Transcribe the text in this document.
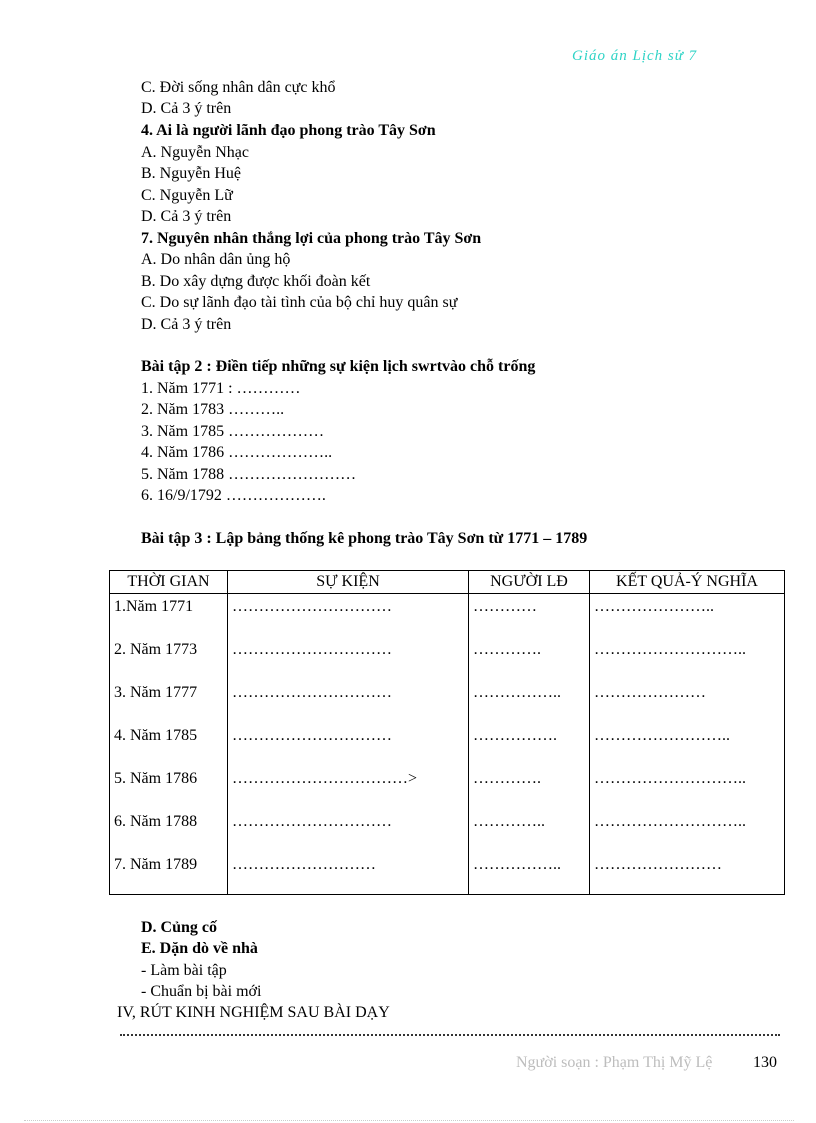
Giáo án Lịch sử 7
C. Đời sống nhân dân cực khổ
D. Cả 3 ý trên
4. Ai là người lãnh đạo phong trào Tây Sơn
A. Nguyễn Nhạc
B. Nguyễn Huệ
C. Nguyễn Lữ
D. Cả 3 ý trên
7. Nguyên nhân thắng lợi của phong trào Tây Sơn
A. Do nhân dân ủng hộ
B. Do xây dựng được khối đoàn kết
C. Do sự lãnh đạo tài tình của bộ chỉ huy quân sự
D. Cả 3 ý trên
Bài tập 2 : Điền tiếp những sự kiện lịch swrtvào chỗ trống
1. Năm 1771 : …………
2. Năm 1783 ………..
3. Năm 1785 ………………
4. Năm 1786 ………………..
5. Năm 1788 ……………………
6. 16/9/1792 ……………….
Bài tập 3 : Lập bảng thống kê phong trào Tây Sơn từ 1771 – 1789
THỜI GIAN	SỰ KIỆN	NGƯỜI LĐ	KẾT QUẢ-Ý NGHĨA
1.Năm 1771	…………………………	…………	…………………..
2. Năm 1773	…………………………	………….	………………………..
3. Năm 1777	…………………………	……………..	…………………
4. Năm 1785	…………………………	…………….	……………………..
5. Năm 1786	……………………………>	………….	………………………..
6. Năm 1788	…………………………	…………..	………………………..
7. Năm 1789	………………………	……………..	……………………
D. Củng cố
E. Dặn dò về nhà
- Làm bài tập
- Chuẩn bị bài mới
IV, RÚT KINH NGHIỆM SAU BÀI DẠY
Người soạn : Phạm Thị Mỹ Lệ	130
